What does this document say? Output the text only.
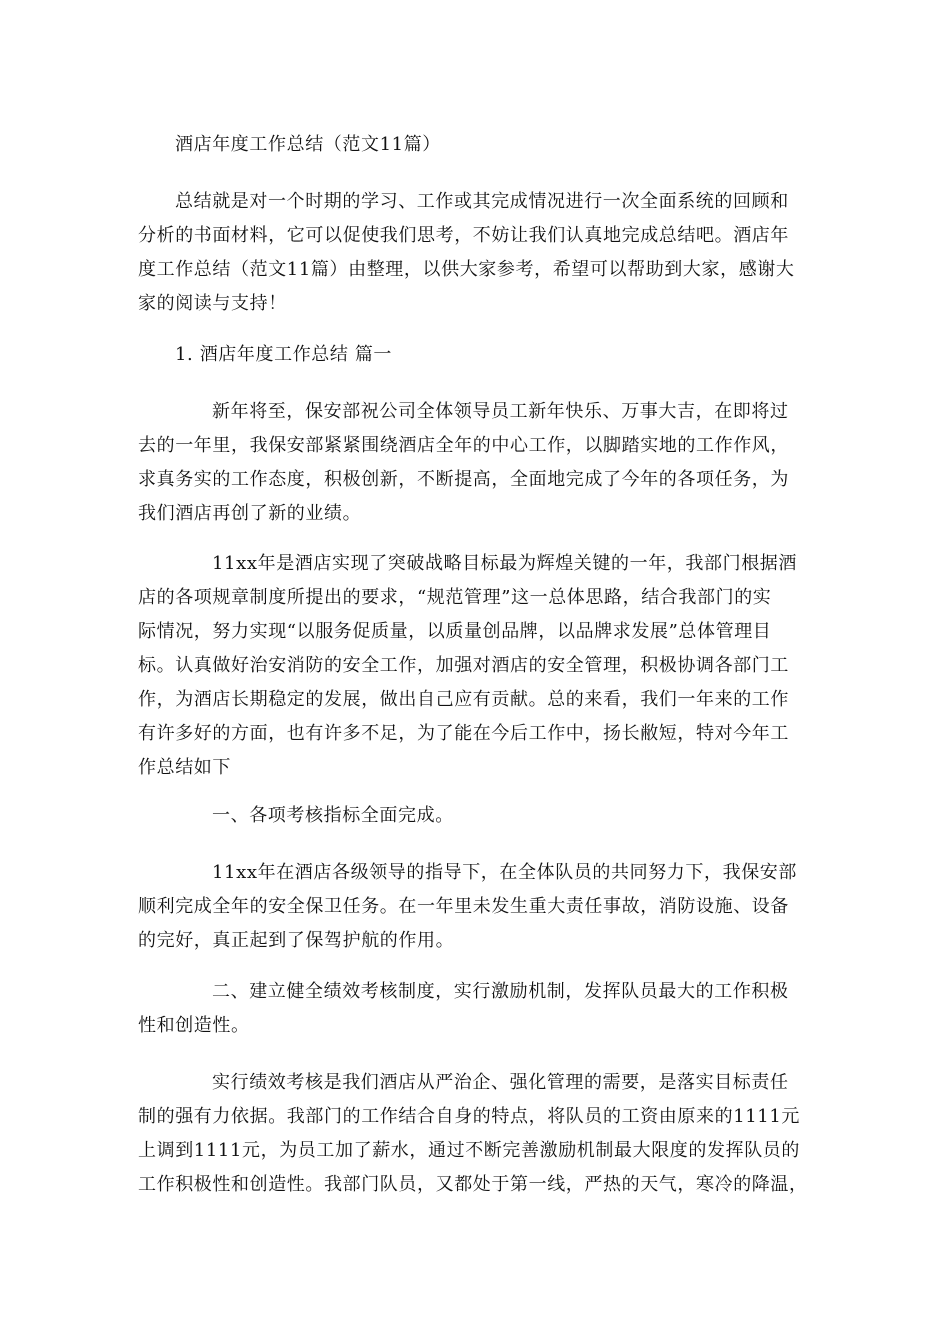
酒店年度工作总结（范文11篇）

总结就是对一个时期的学习、工作或其完成情况进行一次全面系统的回顾和
分析的书面材料，它可以促使我们思考，不妨让我们认真地完成总结吧。酒店年
度工作总结（范文11篇）由整理，以供大家参考，希望可以帮助到大家，感谢大
家的阅读与支持！

1. 酒店年度工作总结 篇一

新年将至，保安部祝公司全体领导员工新年快乐、万事大吉，在即将过
去的一年里，我保安部紧紧围绕酒店全年的中心工作，以脚踏实地的工作作风，
求真务实的工作态度，积极创新，不断提高，全面地完成了今年的各项任务，为
我们酒店再创了新的业绩。

11xx年是酒店实现了突破战略目标最为辉煌关键的一年，我部门根据酒
店的各项规章制度所提出的要求，“规范管理”这一总体思路，结合我部门的实
际情况，努力实现“以服务促质量，以质量创品牌，以品牌求发展”总体管理目
标。认真做好治安消防的安全工作，加强对酒店的安全管理，积极协调各部门工
作，为酒店长期稳定的发展，做出自己应有贡献。总的来看，我们一年来的工作
有许多好的方面，也有许多不足，为了能在今后工作中，扬长敝短，特对今年工
作总结如下

一、各项考核指标全面完成。

11xx年在酒店各级领导的指导下，在全体队员的共同努力下，我保安部
顺利完成全年的安全保卫任务。在一年里未发生重大责任事故，消防设施、设备
的完好，真正起到了保驾护航的作用。

二、建立健全绩效考核制度，实行激励机制，发挥队员最大的工作积极
性和创造性。

实行绩效考核是我们酒店从严治企、强化管理的需要，是落实目标责任
制的强有力依据。我部门的工作结合自身的特点，将队员的工资由原来的1111元
上调到1111元，为员工加了薪水，通过不断完善激励机制最大限度的发挥队员的
工作积极性和创造性。我部门队员，又都处于第一线，严热的天气，寒冷的降温，
